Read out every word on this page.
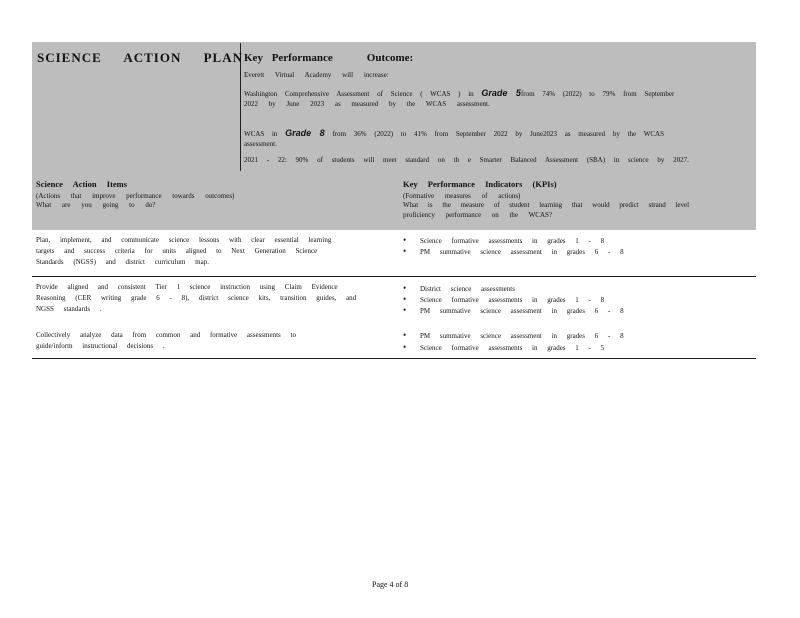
SCIENCE ACTION PLAN Key Performance	Outcome:
Everett Virtual Academy will increase:
Washington Comprehensive Assessment of Science ( WCAS ) in Grade 5from 74% (2022) to 79% from September
2022 by June 2023 as measured by the WCAS assessment.
WCAS in Grade 8 from 36% (2022) to 41% from September 2022 by June2023 as measured by the WCAS
assessment.
2021 - 22: 90% of students will meet standard on th e Smarter Balanced Assessment (SBA) in science by 2027.
Science Action Items
(Actions that improve performance towards outcomes)
What are you going to do?
Key Performance Indicators (KPIs)
(Formative measures of actions)
What is the measure of student learning that would predict strand level
proficiency performance on the WCAS?
Plan, implement, and communicate science lessons with clear essential learning
targets and success criteria for units aligned to Next Generation Science
Standards (NGSS) and district curriculum map.
• Science formative assessments in grades 1 - 8
• PM summative science assessment in grades 6 - 8
Provide aligned and consistent Tier 1 science instruction using Claim Evidence
Reasoning (CER writing grade 6 - 8), district science kits, transition guides, and
NGSS standards .
• District science assessments
• Science formative assessments in grades 1 - 8
• PM summative science assessment in grades 6 - 8
Collectively analyze data from common and formative assessments to
guide/inform instructional decisions .
• PM summative science assessment in grades 6 - 8
• Science formative assessments in grades 1 - 5
Page 4 of 8
